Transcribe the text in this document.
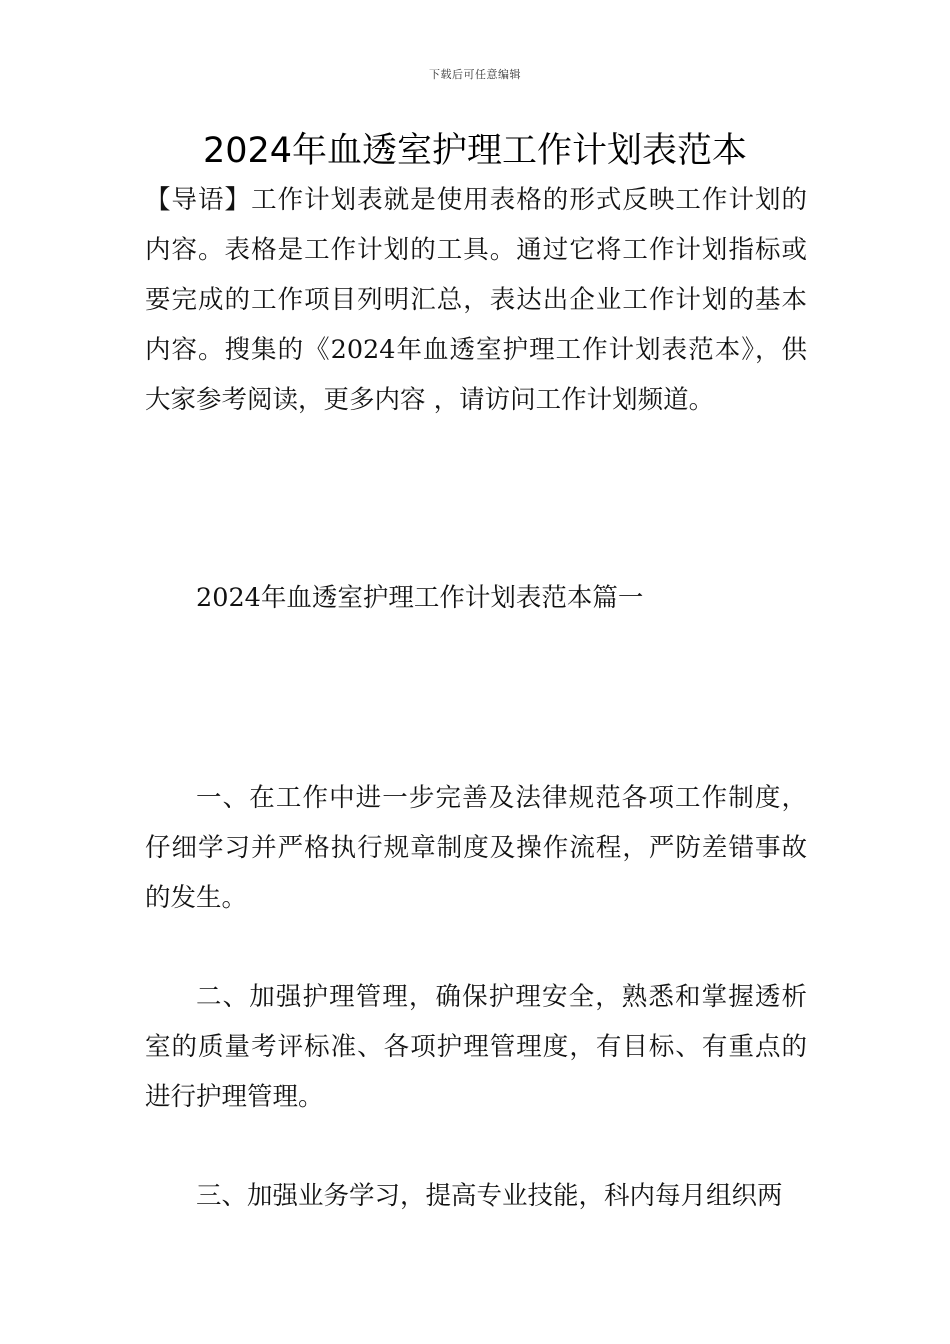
下载后可任意编辑
2024年血透室护理工作计划表范本
【导语】工作计划表就是使用表格的形式反映工作计划的内容。表格是工作计划的工具。通过它将工作计划指标或要完成的工作项目列明汇总，表达出企业工作计划的基本内容。搜集的《2024年血透室护理工作计划表范本》，供大家参考阅读，更多内容 ，请访问工作计划频道。
2024年血透室护理工作计划表范本篇一
一、在工作中进一步完善及法律规范各项工作制度，仔细学习并严格执行规章制度及操作流程，严防差错事故的发生。
二、加强护理管理，确保护理安全，熟悉和掌握透析室的质量考评标准、各项护理管理度，有目标、有重点的进行护理管理。
三、加强业务学习，提高专业技能，科内每月组织两
